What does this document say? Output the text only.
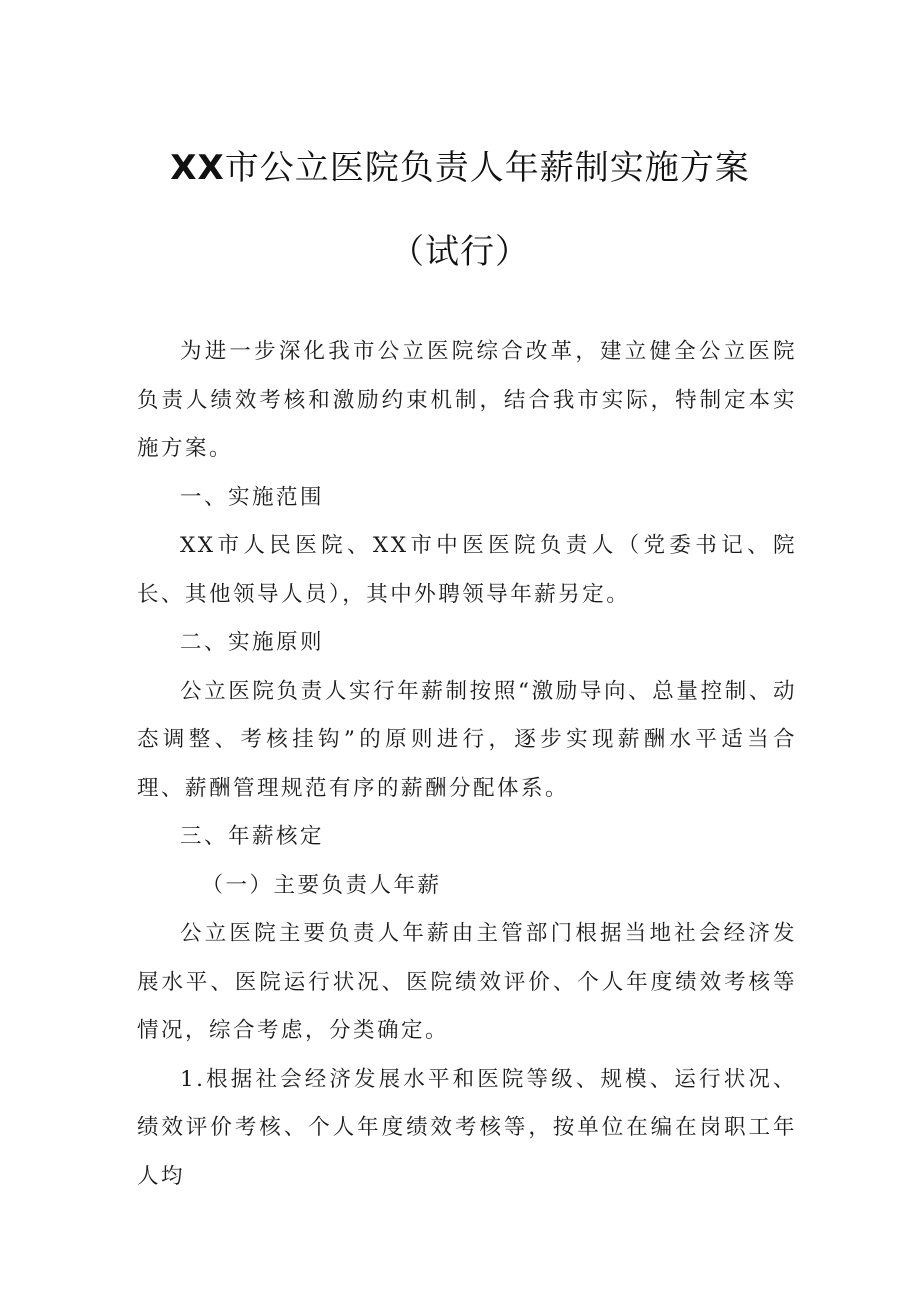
XX市公立医院负责人年薪制实施方案
（试行）

为进一步深化我市公立医院综合改革，建立健全公立医院负责人绩效考核和激励约束机制，结合我市实际，特制定本实施方案。

一、实施范围

XX市人民医院、XX市中医医院负责人（党委书记、院长、其他领导人员），其中外聘领导年薪另定。

二、实施原则

公立医院负责人实行年薪制按照“激励导向、总量控制、动态调整、考核挂钩”的原则进行，逐步实现薪酬水平适当合理、薪酬管理规范有序的薪酬分配体系。

三、年薪核定

（一）主要负责人年薪

公立医院主要负责人年薪由主管部门根据当地社会经济发展水平、医院运行状况、医院绩效评价、个人年度绩效考核等情况，综合考虑，分类确定。

1.根据社会经济发展水平和医院等级、规模、运行状况、绩效评价考核、个人年度绩效考核等，按单位在编在岗职工年人均
